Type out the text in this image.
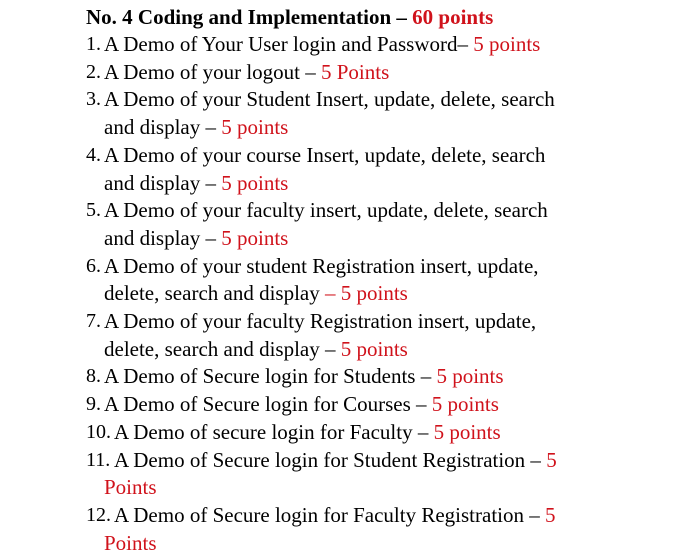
No. 4 Coding and Implementation – 60 points
1. A Demo of Your User login and Password– 5 points
2. A Demo of your logout – 5 Points
3. A Demo of your Student Insert, update, delete, search
and display – 5 points
4. A Demo of your course Insert, update, delete, search
and display – 5 points
5. A Demo of your faculty insert, update, delete, search
and display – 5 points
6. A Demo of your student Registration insert, update,
delete, search and display – 5 points
7. A Demo of your faculty Registration insert, update,
delete, search and display – 5 points
8. A Demo of Secure login for Students – 5 points
9. A Demo of Secure login for Courses – 5 points
10. A Demo of secure login for Faculty – 5 points
11. A Demo of Secure login for Student Registration – 5
Points
12. A Demo of Secure login for Faculty Registration – 5
Points
